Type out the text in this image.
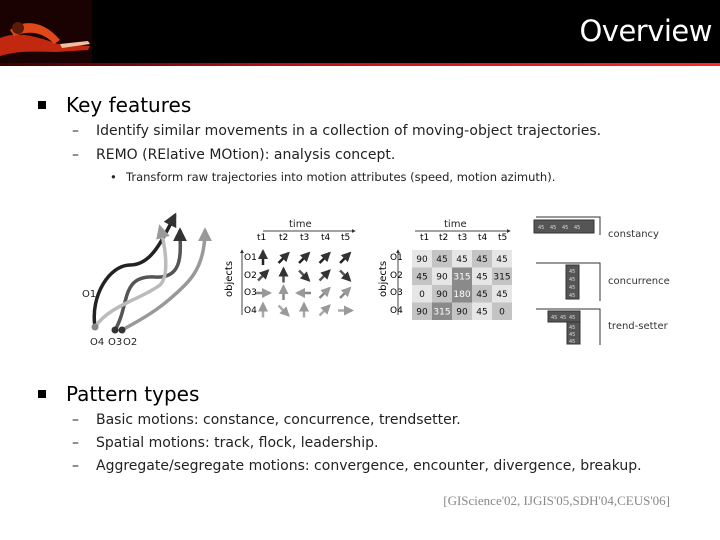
Overview
Key features
– Identify similar movements in a collection of moving-object trajectories.
– REMO (RElative MOtion): analysis concept.
• Transform raw trajectories into motion attributes (speed, motion azimuth).
O1
O4 O3 O2
time
t1 t2 t3 t4 t5
objects
O1
O2
O3
O4
time
t1 t2 t3 t4 t5
objects
O1
O2
O3
O4
90 45 45 45 45
45 90 315 45 315
0 90 180 45 45
90 315 90 45 0
45 45 45 45
constancy
45
45
45
45
concurrence
45 45 45
45
45
45
trend-setter
Pattern types
– Basic motions: constance, concurrence, trendsetter.
– Spatial motions: track, flock, leadership.
– Aggregate/segregate motions: convergence, encounter, divergence, breakup.
[GIScience'02, IJGIS'05,SDH'04,CEUS'06]
